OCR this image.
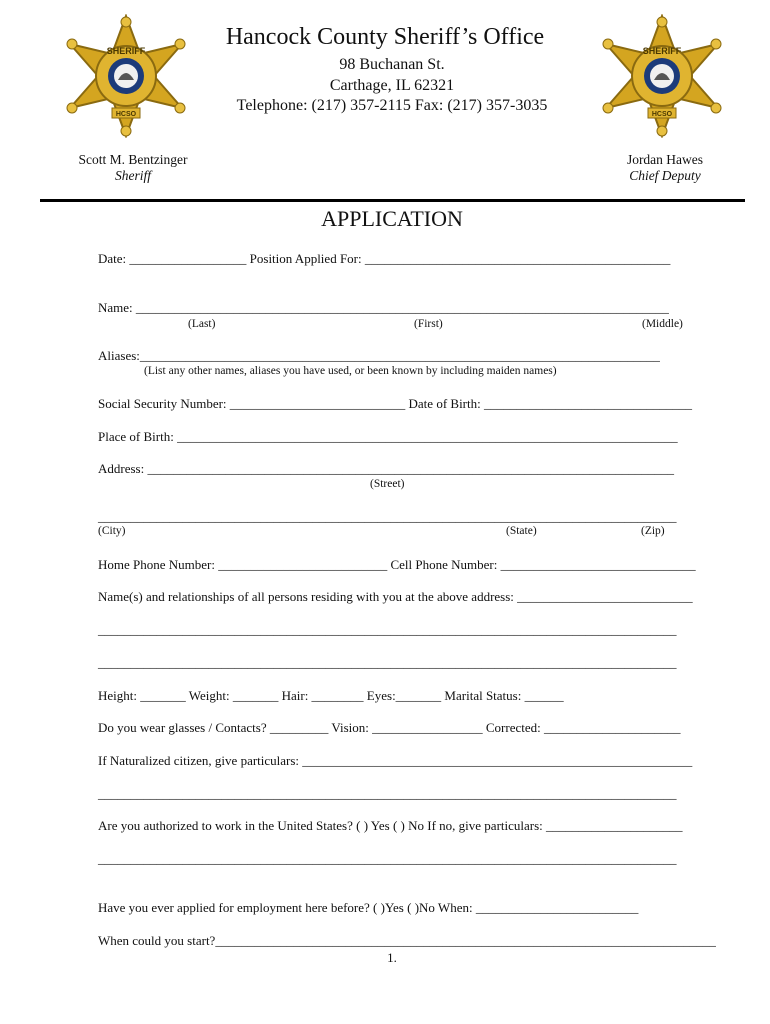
SHERIFF
HCSO
SHERIFF
HCSO
Hancock County Sheriff’s Office
98 Buchanan St.
Carthage, IL 62321
Telephone: (217) 357-2115 Fax: (217) 357-3035
Scott M. Bentzinger
Sheriff
Jordan Hawes
Chief Deputy
APPLICATION
Date: __________________ Position Applied For: _______________________________________________
Name: __________________________________________________________________________________
(Last)	(First)	(Middle)
Aliases:________________________________________________________________________________
(List any other names, aliases you have used, or been known by including maiden names)
Social Security Number: ___________________________ Date of Birth: ________________________________
Place of Birth: _____________________________________________________________________________
Address: _________________________________________________________________________________
(Street)
_________________________________________________________________________________________
(City)	(State)	(Zip)
Home Phone Number: __________________________ Cell Phone Number: ______________________________
Name(s) and relationships of all persons residing with you at the above address: ___________________________
_________________________________________________________________________________________
_________________________________________________________________________________________
Height: _______ Weight: _______ Hair: ________ Eyes:_______ Marital Status: ______
Do you wear glasses / Contacts? _________ Vision: _________________ Corrected: _____________________
If Naturalized citizen, give particulars: ____________________________________________________________
_________________________________________________________________________________________
Are you authorized to work in the United States? ( ) Yes ( ) No If no, give particulars: _____________________
_________________________________________________________________________________________
Have you ever applied for employment here before? ( )Yes ( )No When: _________________________
When could you start?_____________________________________________________________________________
1.
